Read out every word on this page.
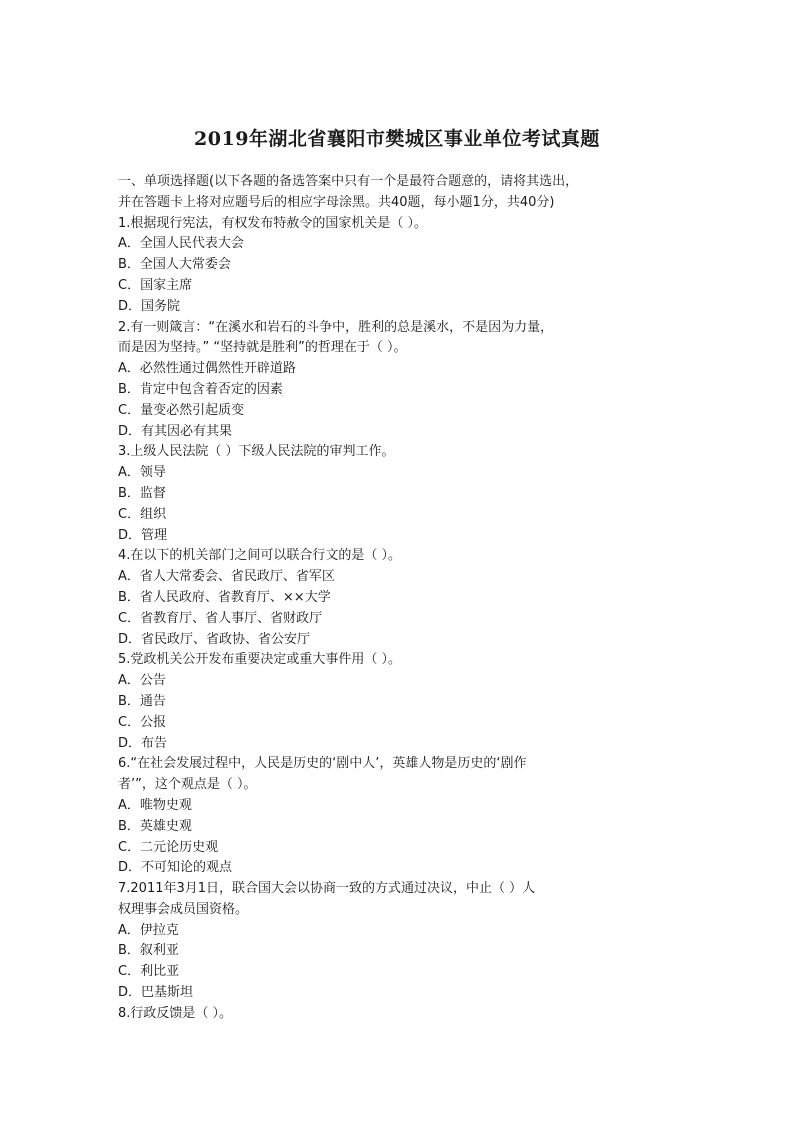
2019年湖北省襄阳市樊城区事业单位考试真题

一、单项选择题(以下各题的备选答案中只有一个是最符合题意的，请将其选出，

并在答题卡上将对应题号后的相应字母涂黑。共40题，每小题1分，共40分)

1.根据现行宪法，有权发布特赦令的国家机关是（ ）。

A．全国人民代表大会

B．全国人大常委会

C．国家主席

D．国务院

2.有一则箴言：“在溪水和岩石的斗争中，胜利的总是溪水，不是因为力量，

而是因为坚持。” “坚持就是胜利”的哲理在于（ ）。

A．必然性通过偶然性开辟道路

B．肯定中包含着否定的因素

C．量变必然引起质变

D．有其因必有其果

3.上级人民法院（ ）下级人民法院的审判工作。

A．领导

B．监督

C．组织

D．管理

4.在以下的机关部门之间可以联合行文的是（ ）。

A．省人大常委会、省民政厅、省军区

B．省人民政府、省教育厅、××大学

C．省教育厅、省人事厅、省财政厅

D．省民政厅、省政协、省公安厅

5.党政机关公开发布重要决定或重大事件用（ ）。

A．公告

B．通告

C．公报

D．布告

6.“在社会发展过程中，人民是历史的‘剧中人’，英雄人物是历史的‘剧作

者’”，这个观点是（ ）。

A．唯物史观

B．英雄史观

C．二元论历史观

D．不可知论的观点

7.2011年3月1日，联合国大会以协商一致的方式通过决议，中止（ ）人

权理事会成员国资格。

A．伊拉克

B．叙利亚

C．利比亚

D．巴基斯坦

8.行政反馈是（ ）。
